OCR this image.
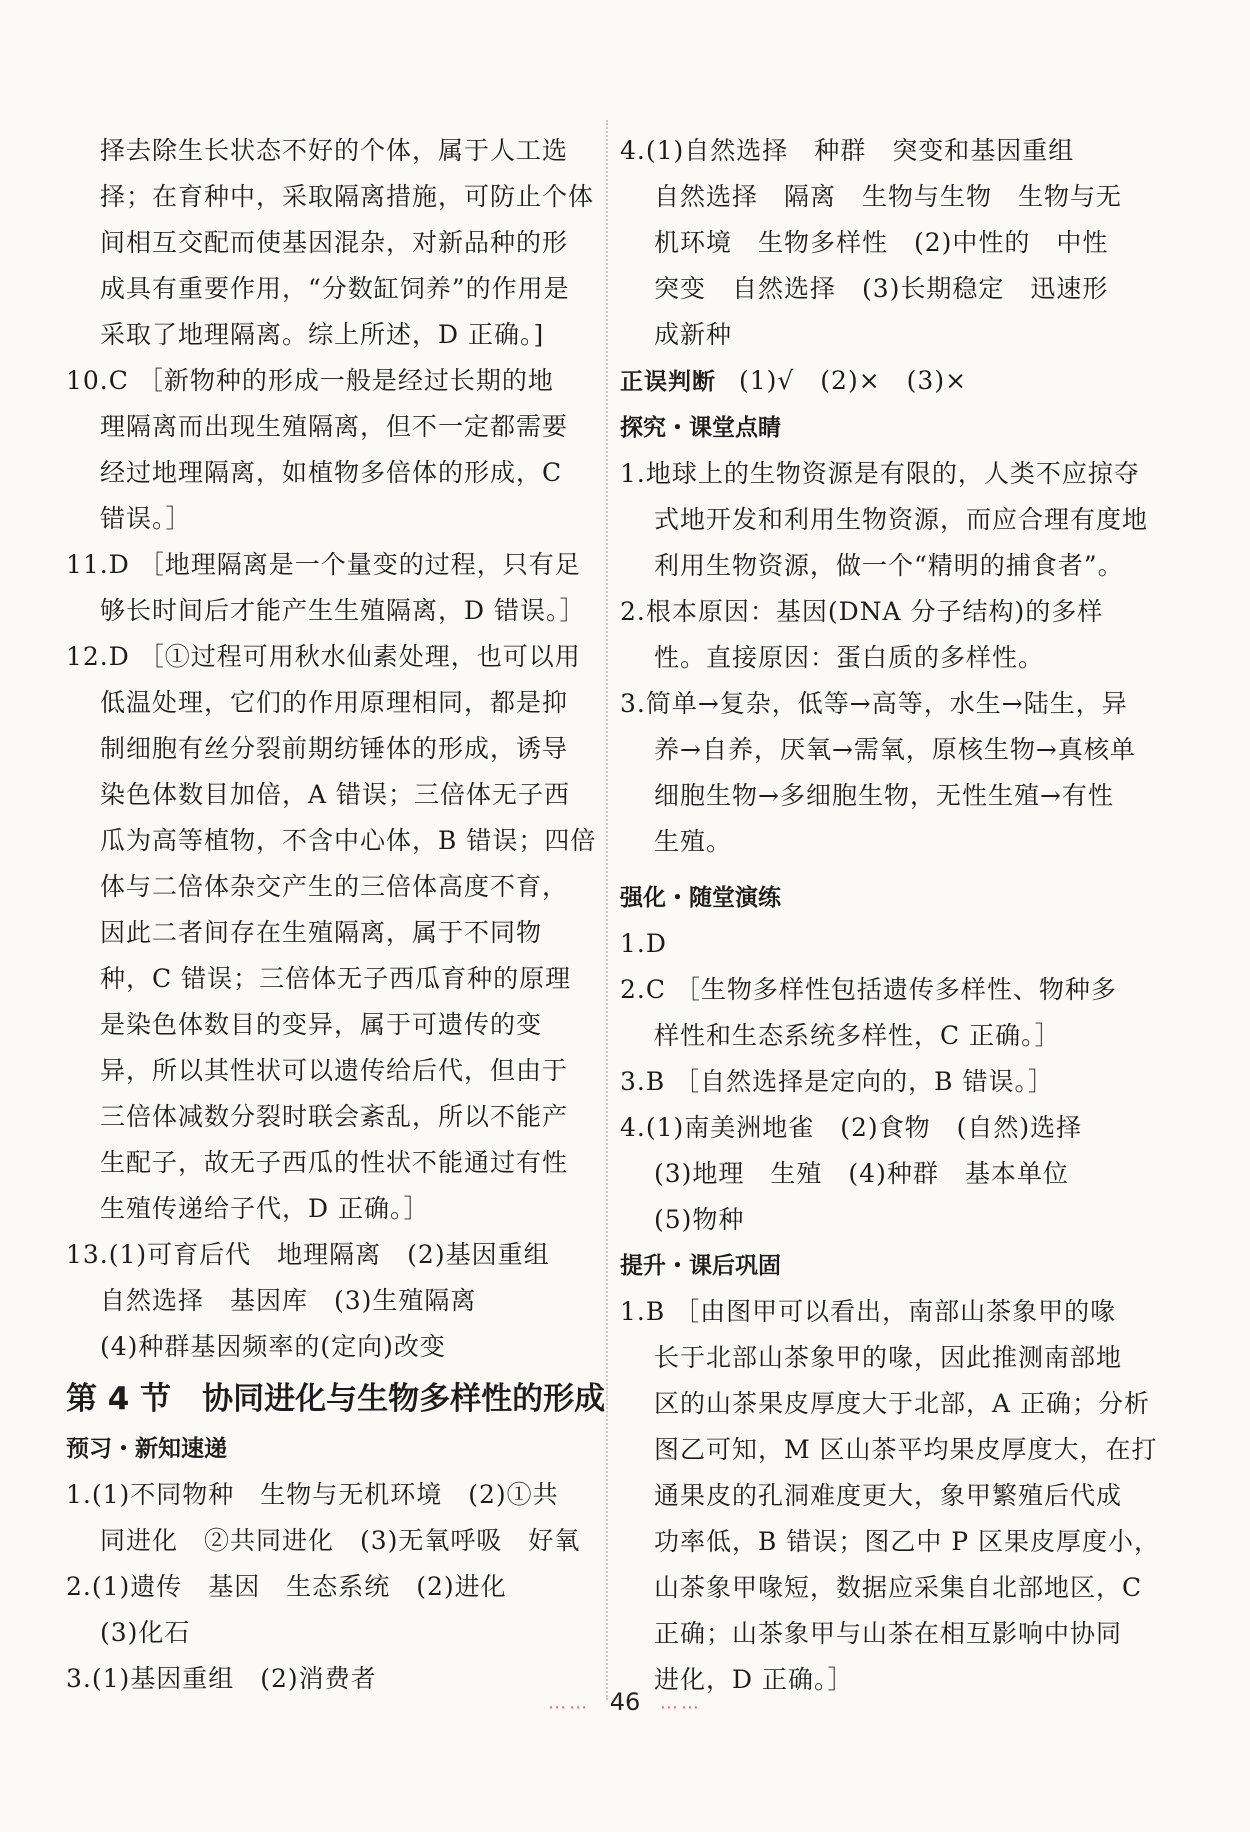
择去除生长状态不好的个体，属于人工选
择；在育种中，采取隔离措施，可防止个体
间相互交配而使基因混杂，对新品种的形
成具有重要作用，“分数缸饲养”的作用是
采取了地理隔离。综上所述，D 正确。]
10.C ［新物种的形成一般是经过长期的地
理隔离而出现生殖隔离，但不一定都需要
经过地理隔离，如植物多倍体的形成，C
错误。］
11.D ［地理隔离是一个量变的过程，只有足
够长时间后才能产生生殖隔离，D 错误。］
12.D ［①过程可用秋水仙素处理，也可以用
低温处理，它们的作用原理相同，都是抑
制细胞有丝分裂前期纺锤体的形成，诱导
染色体数目加倍，A 错误；三倍体无子西
瓜为高等植物，不含中心体，B 错误；四倍
体与二倍体杂交产生的三倍体高度不育，
因此二者间存在生殖隔离，属于不同物
种，C 错误；三倍体无子西瓜育种的原理
是染色体数目的变异，属于可遗传的变
异，所以其性状可以遗传给后代，但由于
三倍体减数分裂时联会紊乱，所以不能产
生配子，故无子西瓜的性状不能通过有性
生殖传递给子代，D 正确。］
13.(1)可育后代　地理隔离　(2)基因重组
自然选择　基因库　(3)生殖隔离
(4)种群基因频率的(定向)改变
第 4 节　协同进化与生物多样性的形成
预习・新知速递
1.(1)不同物种　生物与无机环境　(2)①共
同进化　②共同进化　(3)无氧呼吸　好氧
2.(1)遗传　基因　生态系统　(2)进化
(3)化石
3.(1)基因重组　(2)消费者
4.(1)自然选择　种群　突变和基因重组
自然选择　隔离　生物与生物　生物与无
机环境　生物多样性　(2)中性的　中性
突变　自然选择　(3)长期稳定　迅速形
成新种
正误判断 (1)√　(2)×　(3)×
探究・课堂点睛
1.地球上的生物资源是有限的，人类不应掠夺
式地开发和利用生物资源，而应合理有度地
利用生物资源，做一个“精明的捕食者”。
2.根本原因：基因(DNA 分子结构)的多样
性。直接原因：蛋白质的多样性。
3.简单→复杂，低等→高等，水生→陆生，异
养→自养，厌氧→需氧，原核生物→真核单
细胞生物→多细胞生物，无性生殖→有性
生殖。
强化・随堂演练
1.D
2.C ［生物多样性包括遗传多样性、物种多
样性和生态系统多样性，C 正确。］
3.B ［自然选择是定向的，B 错误。］
4.(1)南美洲地雀　(2)食物　(自然)选择
(3)地理　生殖　(4)种群　基本单位
(5)物种
提升・课后巩固
1.B ［由图甲可以看出，南部山茶象甲的喙
长于北部山茶象甲的喙，因此推测南部地
区的山茶果皮厚度大于北部，A 正确；分析
图乙可知，M 区山茶平均果皮厚度大，在打
通果皮的孔洞难度更大，象甲繁殖后代成
功率低，B 错误；图乙中 P 区果皮厚度小，
山茶象甲喙短，数据应采集自北部地区，C
正确；山茶象甲与山茶在相互影响中协同
进化，D 正确。］
…… 46 ……
